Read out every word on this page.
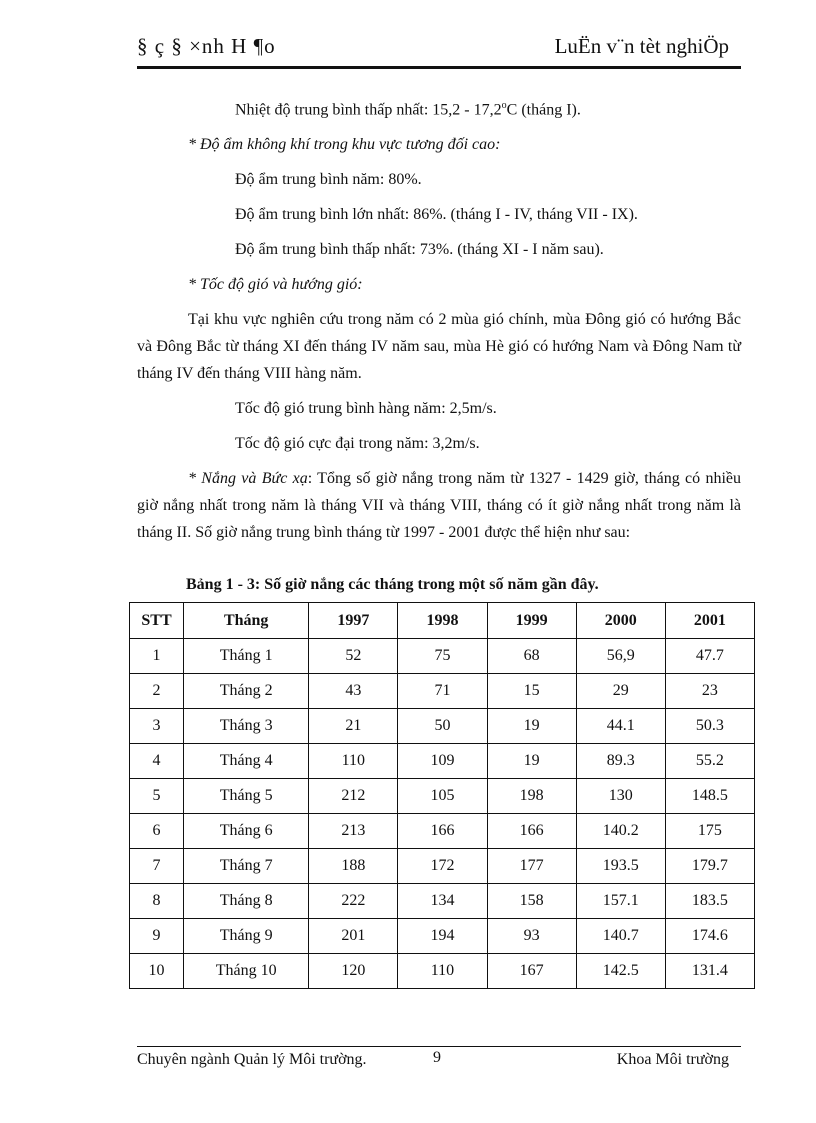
§ ç § ×nh H ¶o	LuËn v¨n tèt nghiÖp
Nhiệt độ trung bình thấp nhất: 15,2 - 17,2$^o$C (tháng I).
* Độ ẩm không khí trong khu vực tương đối cao:
Độ ẩm trung bình năm: 80%.
Độ ẩm trung bình lớn nhất: 86%. (tháng I - IV, tháng VII - IX).
Độ ẩm trung bình thấp nhất: 73%. (tháng XI - I năm sau).
* Tốc độ gió và hướng gió:
Tại khu vực nghiên cứu trong năm có 2 mùa gió chính, mùa Đông gió có hướng Bắc và Đông Bắc từ tháng XI đến tháng IV năm sau, mùa Hè gió có hướng Nam và Đông Nam từ tháng IV đến tháng VIII hàng năm.
Tốc độ gió trung bình hàng năm: 2,5m/s.
Tốc độ gió cực đại trong năm: 3,2m/s.
* Nắng và Bức xạ: Tổng số giờ nắng trong năm từ 1327 - 1429 giờ, tháng có nhiều giờ nắng nhất trong năm là tháng VII và tháng VIII, tháng có ít giờ nắng nhất trong năm là tháng II. Số giờ nắng trung bình tháng từ 1997 - 2001 được thể hiện như sau:
Bảng 1 - 3: Số giờ nắng các tháng trong một số năm gần đây.
STT	Tháng	1997	1998	1999	2000	2001
1	Tháng 1	52	75	68	56,9	47.7
2	Tháng 2	43	71	15	29	23
3	Tháng 3	21	50	19	44.1	50.3
4	Tháng 4	110	109	19	89.3	55.2
5	Tháng 5	212	105	198	130	148.5
6	Tháng 6	213	166	166	140.2	175
7	Tháng 7	188	172	177	193.5	179.7
8	Tháng 8	222	134	158	157.1	183.5
9	Tháng 9	201	194	93	140.7	174.6
10	Tháng 10	120	110	167	142.5	131.4
Chuyên ngành Quản lý Môi trường.	9	Khoa Môi trường
